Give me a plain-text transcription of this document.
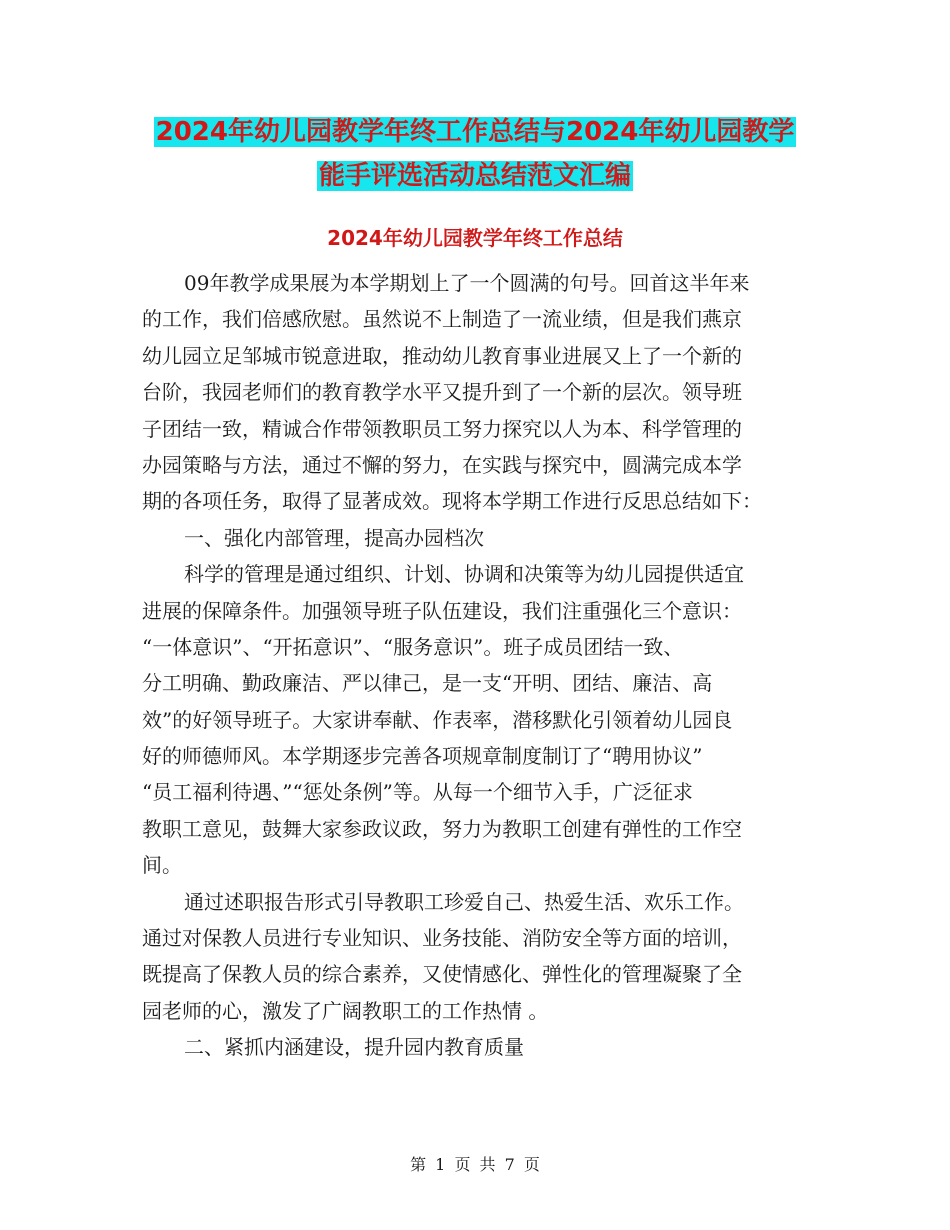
2024年幼儿园教学年终工作总结与2024年幼儿园教学
能手评选活动总结范文汇编
2024年幼儿园教学年终工作总结
09年教学成果展为本学期划上了一个圆满的句号。回首这半年来
的工作，我们倍感欣慰。虽然说不上制造了一流业绩，但是我们燕京
幼儿园立足邹城市锐意进取，推动幼儿教育事业进展又上了一个新的
台阶，我园老师们的教育教学水平又提升到了一个新的层次。领导班
子团结一致，精诚合作带领教职员工努力探究以人为本、科学管理的
办园策略与方法，通过不懈的努力，在实践与探究中，圆满完成本学
期的各项任务，取得了显著成效。现将本学期工作进行反思总结如下：
一、强化内部管理，提高办园档次
科学的管理是通过组织、计划、协调和决策等为幼儿园提供适宜
进展的保障条件。加强领导班子队伍建设，我们注重强化三个意识：
“一体意识”、“开拓意识”、“服务意识”。班子成员团结一致、
分工明确、勤政廉洁、严以律己，是一支“开明、团结、廉洁、高
效”的好领导班子。大家讲奉献、作表率，潜移默化引领着幼儿园良
好的师德师风。本学期逐步完善各项规章制度制订了“聘用协议”
“员工福利待遇、”“惩处条例”等。从每一个细节入手，广泛征求
教职工意见，鼓舞大家参政议政，努力为教职工创建有弹性的工作空
间。
通过述职报告形式引导教职工珍爱自己、热爱生活、欢乐工作。
通过对保教人员进行专业知识、业务技能、消防安全等方面的培训，
既提高了保教人员的综合素养，又使情感化、弹性化的管理凝聚了全
园老师的心，激发了广阔教职工的工作热情 。
二、紧抓内涵建设，提升园内教育质量
第 1 页 共 7 页
